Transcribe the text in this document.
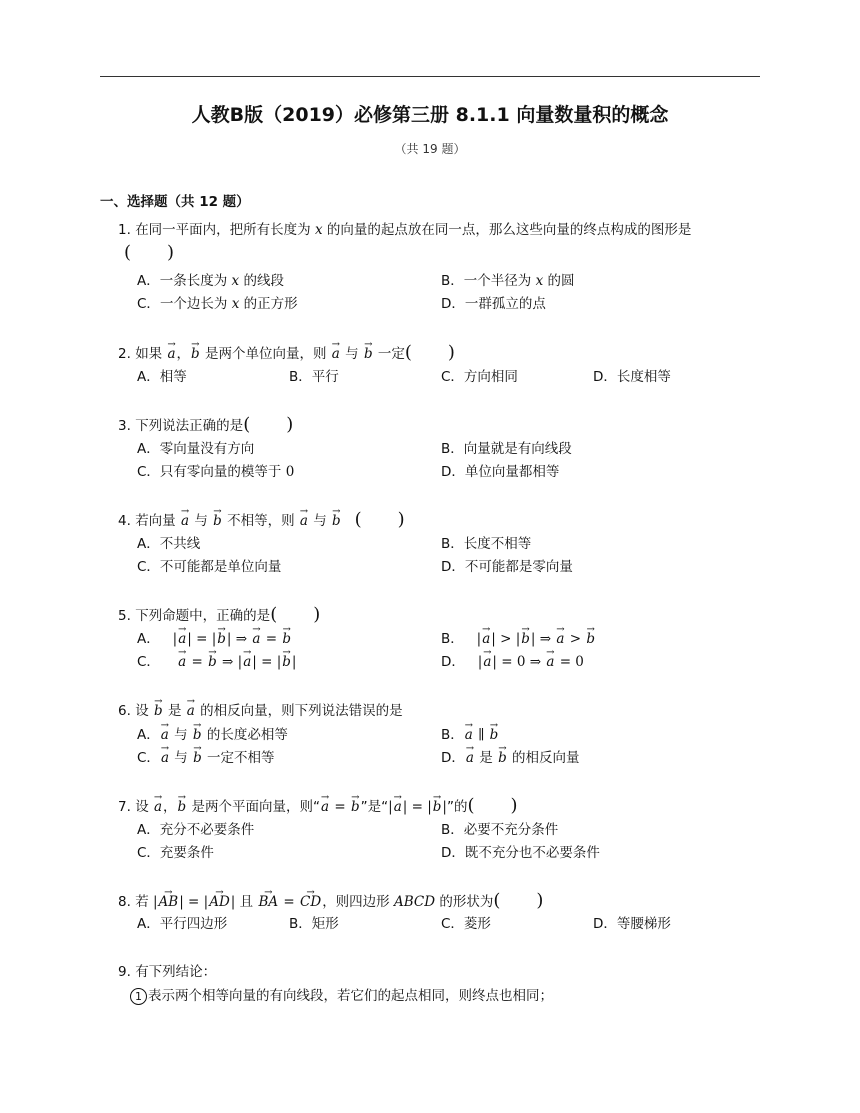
人教B版（2019）必修第三册 8.1.1 向量数量积的概念
（共 19 题）
一、选择题（共 12 题）
1. 在同一平面内，把所有长度为 x 的向量的起点放在同一点，那么这些向量的终点构成的图形是
(　　)
A．一条长度为 x 的线段	B．一个半径为 x 的圆
C．一个边长为 x 的正方形	D．一群孤立的点
2. 如果 → a，→ b 是两个单位向量，则 → a 与 → b 一定(　　)
A．相等	B．平行	C．方向相同	D．长度相等
3. 下列说法正确的是(　　)
A．零向量没有方向	B．向量就是有向线段
C．只有零向量的模等于 0	D．单位向量都相等
4. 若向量 → a 与 → b 不相等，则 → a 与 → b (　　)
A．不共线	B．长度不相等
C．不可能都是单位向量	D．不可能都是零向量
5. 下列命题中，正确的是(　　)
A． |→ a| = |→ b| ⇒ → a = → b	B． |→ a| > |→ b| ⇒ → a > → b
C． → a = → b ⇒ |→ a| = |→ b|	D． |→ a| = 0 ⇒ → a = 0
6. 设 → b 是 → a 的相反向量，则下列说法错误的是
A．→ a 与 → b 的长度必相等	B．→ a ∥ → b
C．→ a 与 → b 一定不相等	D．→ a 是 → b 的相反向量
7. 设 → a，→ b 是两个平面向量，则“→ a = → b”是“|→ a| = |→ b|”的(　　)
A．充分不必要条件	B．必要不充分条件
C．充要条件	D．既不充分也不必要条件
8. 若 |→ AB| = |→ AD| 且 → BA = → CD，则四边形 ABCD 的形状为(　　)
A．平行四边形	B．矩形	C．菱形	D．等腰梯形
9. 有下列结论：
1 表示两个相等向量的有向线段，若它们的起点相同，则终点也相同；
